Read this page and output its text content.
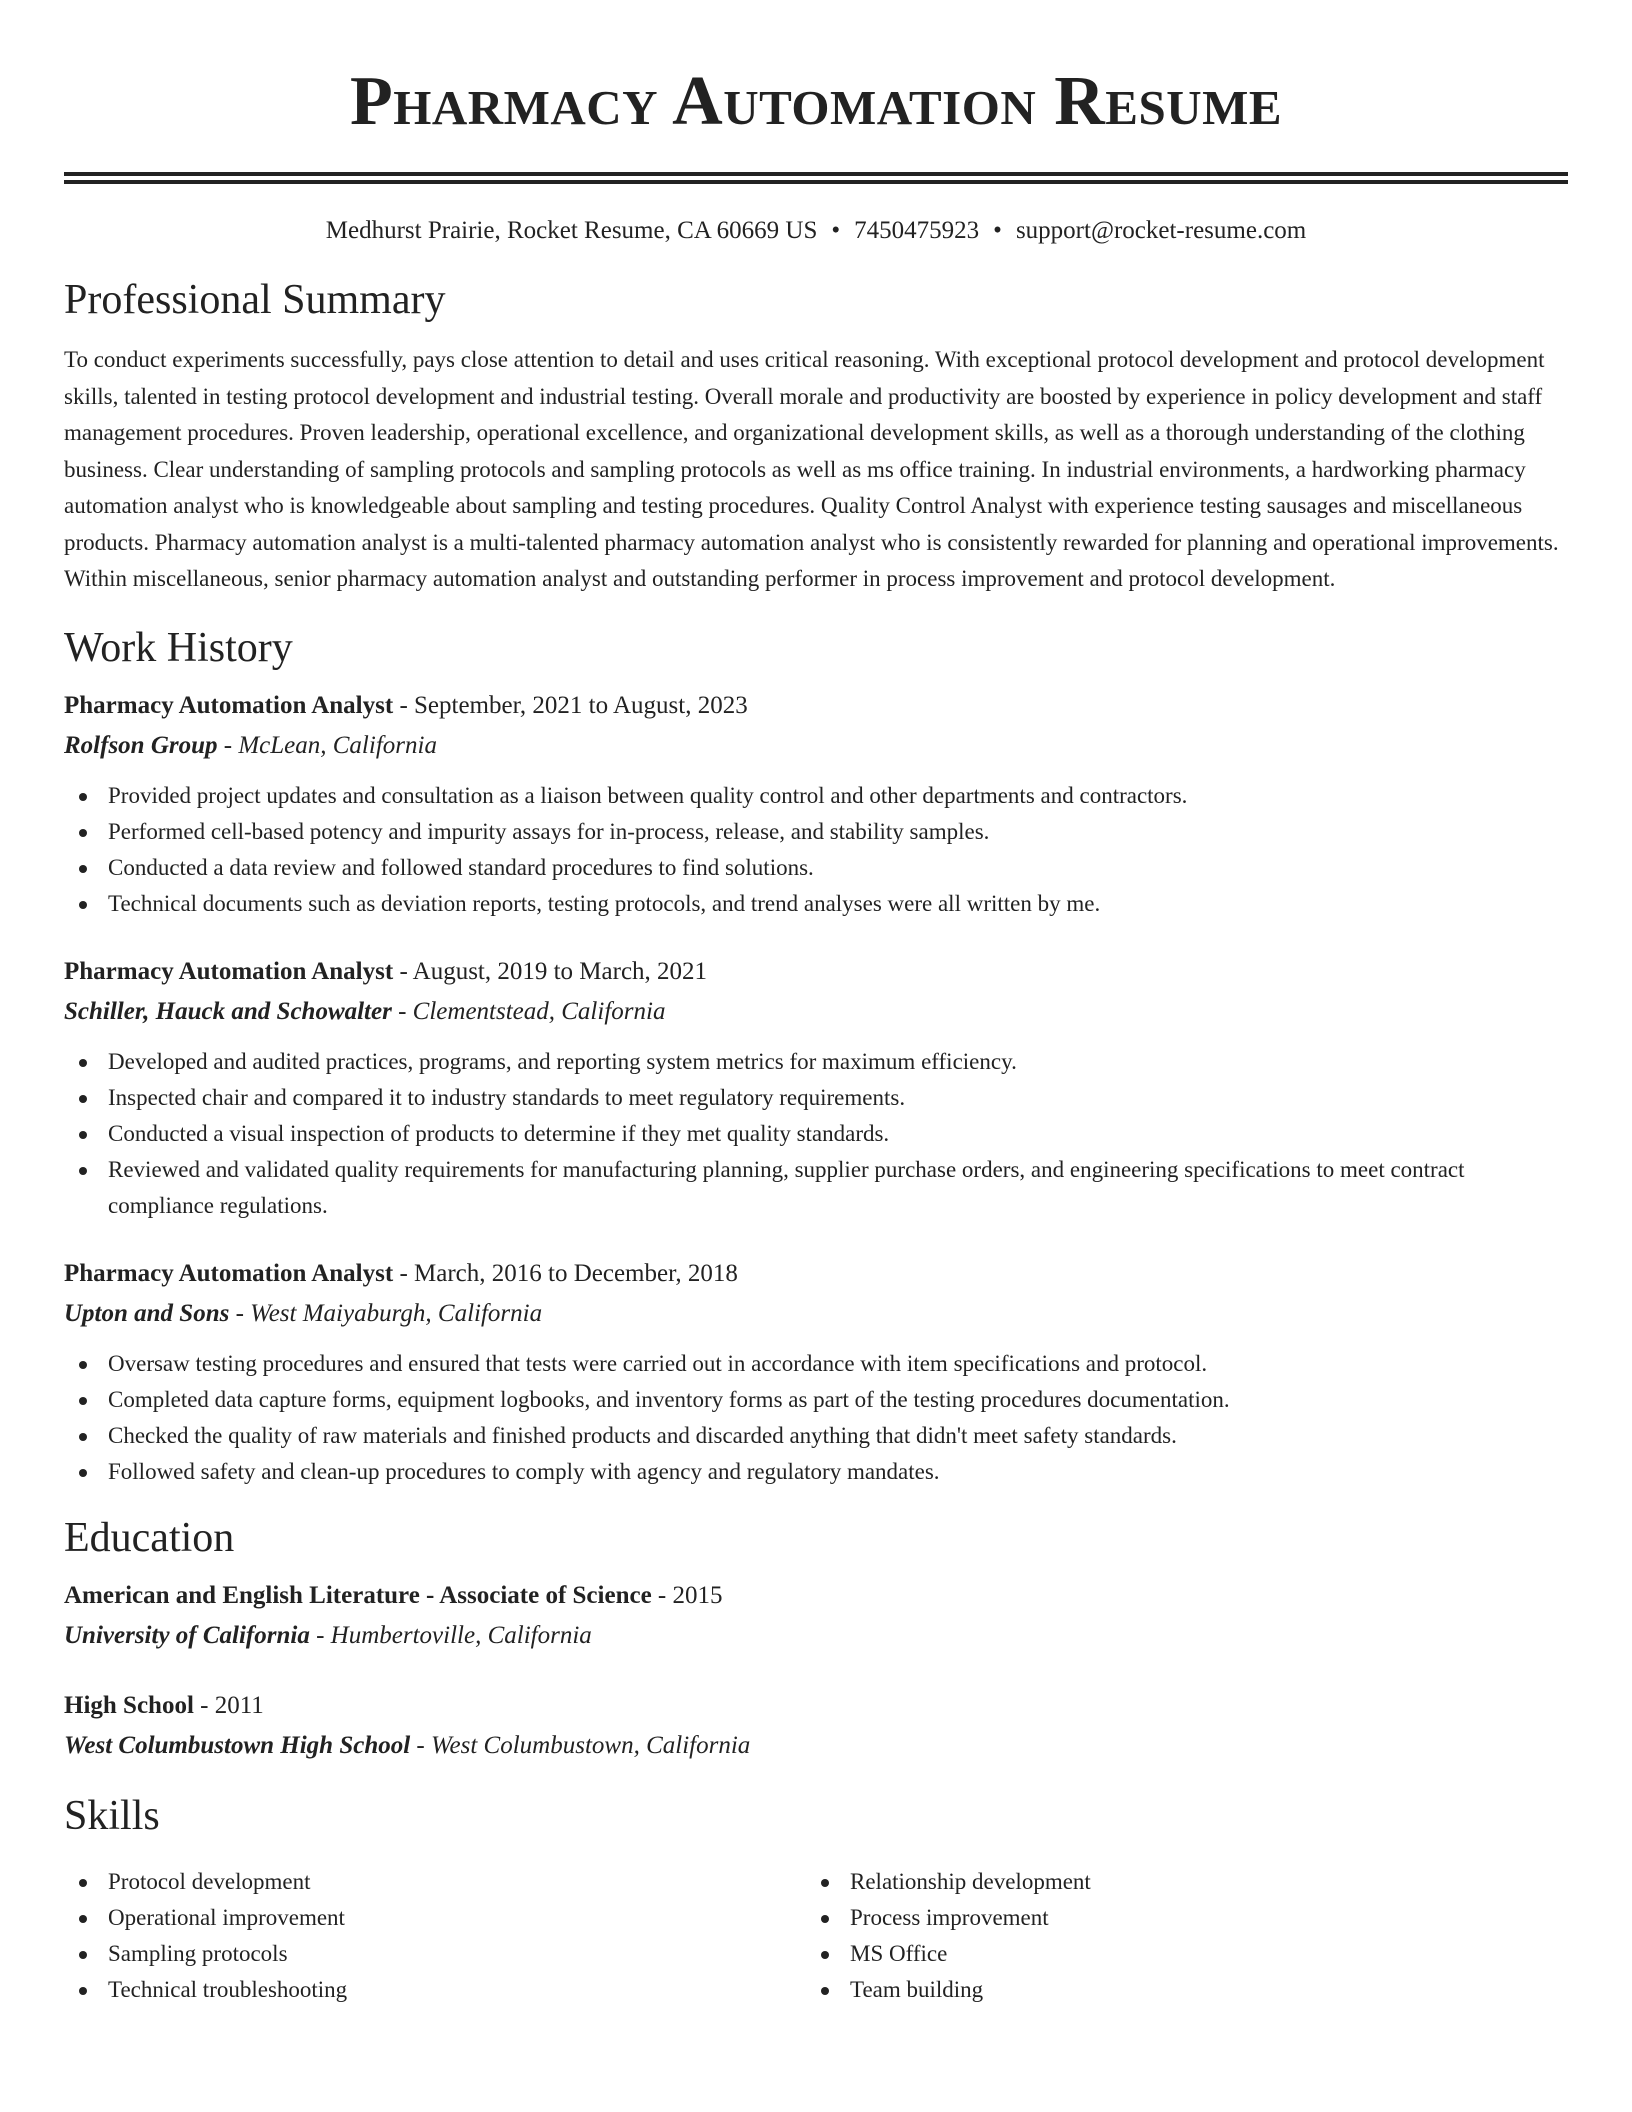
Pharmacy Automation Resume
Medhurst Prairie, Rocket Resume, CA 60669 US • 7450475923 • support@rocket-resume.com
Professional Summary

To conduct experiments successfully, pays close attention to detail and uses critical reasoning. With exceptional protocol development and protocol development skills, talented in testing protocol development and industrial testing. Overall morale and productivity are boosted by experience in policy development and staff management procedures. Proven leadership, operational excellence, and organizational development skills, as well as a thorough understanding of the clothing business. Clear understanding of sampling protocols and sampling protocols as well as ms office training. In industrial environments, a hardworking pharmacy automation analyst who is knowledgeable about sampling and testing procedures. Quality Control Analyst with experience testing sausages and miscellaneous products. Pharmacy automation analyst is a multi-talented pharmacy automation analyst who is consistently rewarded for planning and operational improvements. Within miscellaneous, senior pharmacy automation analyst and outstanding performer in process improvement and protocol development.

Work History
Pharmacy Automation Analyst - September, 2021 to August, 2023
Rolfson Group - McLean, California
Provided project updates and consultation as a liaison between quality control and other departments and contractors.
Performed cell-based potency and impurity assays for in-process, release, and stability samples.
Conducted a data review and followed standard procedures to find solutions.
Technical documents such as deviation reports, testing protocols, and trend analyses were all written by me.
Pharmacy Automation Analyst - August, 2019 to March, 2021
Schiller, Hauck and Schowalter - Clementstead, California
Developed and audited practices, programs, and reporting system metrics for maximum efficiency.
Inspected chair and compared it to industry standards to meet regulatory requirements.
Conducted a visual inspection of products to determine if they met quality standards.
Reviewed and validated quality requirements for manufacturing planning, supplier purchase orders, and engineering specifications to meet contract compliance regulations.
Pharmacy Automation Analyst - March, 2016 to December, 2018
Upton and Sons - West Maiyaburgh, California
Oversaw testing procedures and ensured that tests were carried out in accordance with item specifications and protocol.
Completed data capture forms, equipment logbooks, and inventory forms as part of the testing procedures documentation.
Checked the quality of raw materials and finished products and discarded anything that didn't meet safety standards.
Followed safety and clean-up procedures to comply with agency and regulatory mandates.
Education
American and English Literature - Associate of Science - 2015
University of California - Humbertoville, California
High School - 2011
West Columbustown High School - West Columbustown, California
Skills
Protocol development
Operational improvement
Sampling protocols
Technical troubleshooting
Relationship development
Process improvement
MS Office
Team building
